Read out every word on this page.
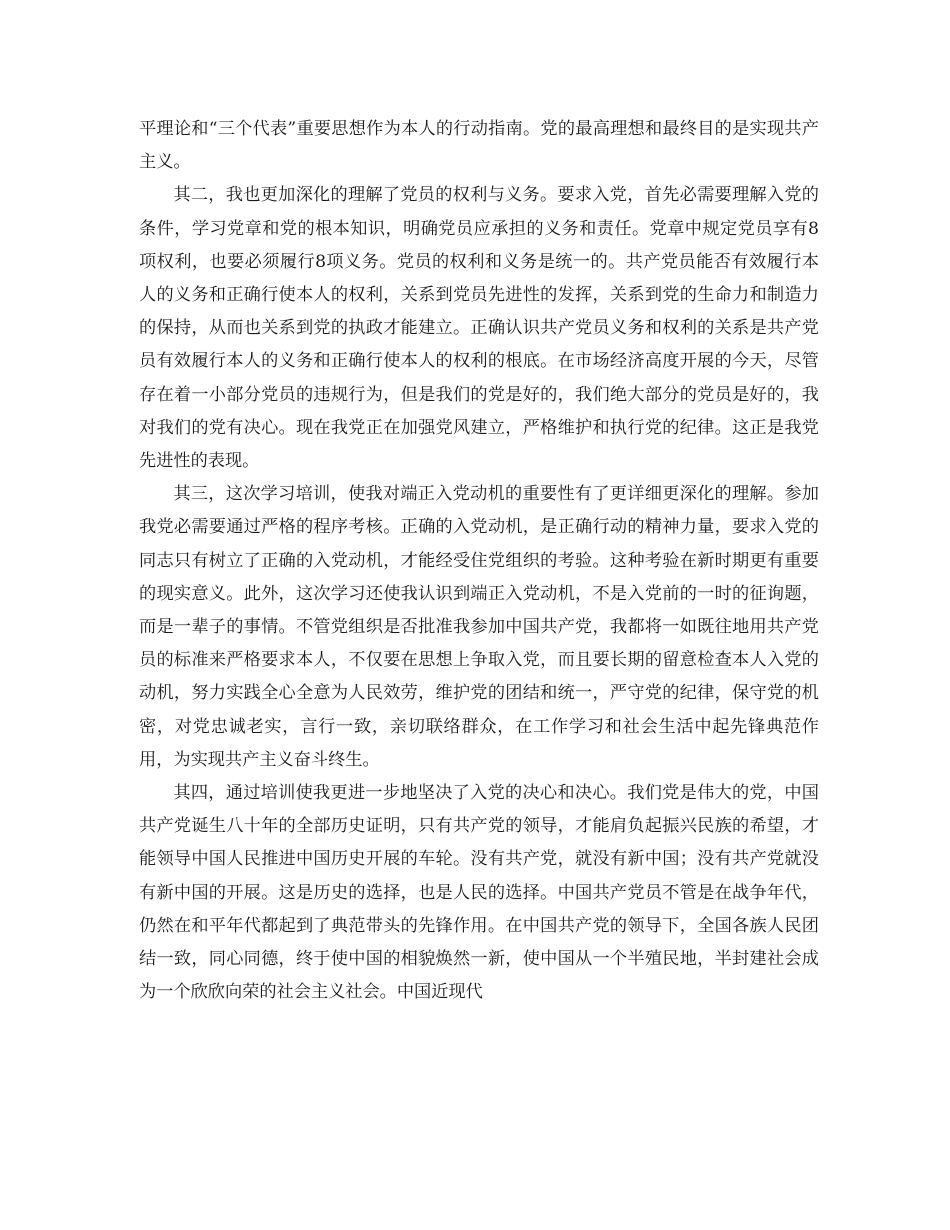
平理论和“三个代表”重要思想作为本人的行动指南。党的最高理想和最终目的是实现共产主义。

其二，我也更加深化的理解了党员的权利与义务。要求入党，首先必需要理解入党的条件，学习党章和党的根本知识，明确党员应承担的义务和责任。党章中规定党员享有8项权利，也要必须履行8项义务。党员的权利和义务是统一的。共产党员能否有效履行本人的义务和正确行使本人的权利，关系到党员先进性的发挥，关系到党的生命力和制造力的保持，从而也关系到党的执政才能建立。正确认识共产党员义务和权利的关系是共产党员有效履行本人的义务和正确行使本人的权利的根底。在市场经济高度开展的今天，尽管存在着一小部分党员的违规行为，但是我们的党是好的，我们绝大部分的党员是好的，我对我们的党有决心。现在我党正在加强党风建立，严格维护和执行党的纪律。这正是我党先进性的表现。

其三，这次学习培训，使我对端正入党动机的重要性有了更详细更深化的理解。参加我党必需要通过严格的程序考核。正确的入党动机，是正确行动的精神力量，要求入党的同志只有树立了正确的入党动机，才能经受住党组织的考验。这种考验在新时期更有重要的现实意义。此外，这次学习还使我认识到端正入党动机，不是入党前的一时的征询题，而是一辈子的事情。不管党组织是否批准我参加中国共产党，我都将一如既往地用共产党员的标准来严格要求本人，不仅要在思想上争取入党，而且要长期的留意检查本人入党的动机，努力实践全心全意为人民效劳，维护党的团结和统一，严守党的纪律，保守党的机密，对党忠诚老实，言行一致，亲切联络群众，在工作学习和社会生活中起先锋典范作用，为实现共产主义奋斗终生。

其四，通过培训使我更进一步地坚决了入党的决心和决心。我们党是伟大的党，中国共产党诞生八十年的全部历史证明，只有共产党的领导，才能肩负起振兴民族的希望，才能领导中国人民推进中国历史开展的车轮。没有共产党，就没有新中国；没有共产党就没有新中国的开展。这是历史的选择，也是人民的选择。中国共产党员不管是在战争年代，仍然在和平年代都起到了典范带头的先锋作用。在中国共产党的领导下，全国各族人民团结一致，同心同德，终于使中国的相貌焕然一新，使中国从一个半殖民地，半封建社会成为一个欣欣向荣的社会主义社会。中国近现代
